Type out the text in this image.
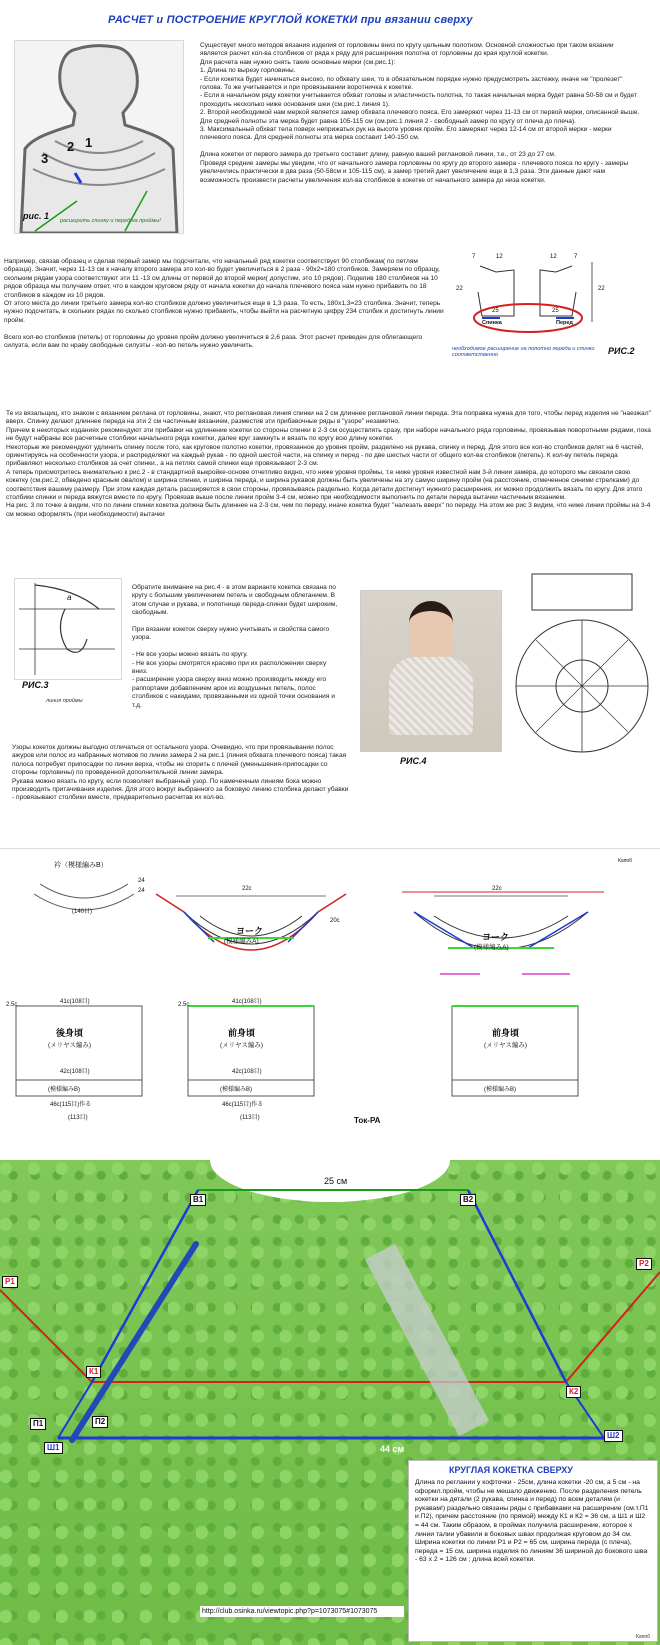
РАСЧЕТ и ПОСТРОЕНИЕ КРУГЛОЙ КОКЕТКИ при вязании сверху
1
2
3
рис. 1 расширить спинку и перед на проймы!
Существует много методов вязания изделия от горловины вниз по кругу цельным полотном. Основной сложностью при таком вязании является расчет кол-ва столбиков от ряда к ряду для расширения полотна от горловины до края круглой кокетки.
Для расчета нам нужно снять такие основные мерки (см.рис.1):
1. Длина по вырезу горловины.
- Если кокетка будет начинаться высоко, по обхвату шеи, то в обязательном порядке нужно предусмотреть застежку, иначе не "пролезет" голова. То же учитывается и при провязывании воротничка к кокетке.
- Если в начальном ряду кокетки учитывается обхват головы и эластичность полотна, то такая начальная мерка будет равна 50-58 см и будет проходить несколько ниже основания шеи (см.рис.1 линия 1).
2. Второй необходимой нам меркой является замер обхвата плечевого пояса. Его замеряют через 11-13 см от первой мерки, описанной выше. Для средней полноты эта мерка будет равна 105-115 см (см.рис.1 линия 2 - свободный замер по кругу от плеча до плеча).
3. Максимальный обхват тела поверх неприжатых рук на высоте уровня пройм. Его замеряют через 12-14 см от второй мерки - мерки плечевого пояса. Для средней полноты эта мерка составит 140-150 см.

Длина кокетки от первого замера до третьего составит длину, равную вашей реглановой линии, т.е., от 23 до 27 см.
Проведя средние замеры мы увидим, что от начального замера горловины по кругу до второго замера - плечевого пояса по кругу - замеры увеличились практически в два раза (50-58см и 105-115 см), а замер третий дает увеличение еще в 1,3 раза. Эти данные дают нам возможность произвести расчеты увеличения кол-ва столбиков в кокетке от начального замера до низа кокетки.
Например, связав образец и сделав первый замер мы подсчитали, что начальный ряд кокетки соответствует 90 столбикам( по петлям образца). Значит, через 11-13 см к началу второго замера это кол-во будет увеличиться в 2 раза - 90х2=180 столбиков. Замеряем по образцу, скольким рядам узора соответствуют эти 11 -13 см длины от первой до второй мерки( допустим, это 10 рядов). Поделив 180 столбиков на 10 рядов образца мы получаем ответ, что в каждом круговом ряду от начала кокетки до начала плечевого пояса нам нужно прибавить по 18 столбиков в каждом из 10 рядов.
От этого места до линии третьего замера кол-во столбиков должно увеличиться еще в 1,3 раза. То есть, 180х1,3=23 столбика. Значит, теперь нужно подсчитать, в скольких рядах по сколько столбиков нужно прибавить, чтобы выйти на расчетную цифру 234 столбик и достигнуть линии пройм.

Всего кол-во столбиков (петель) от горловины до уровня пройм должно увеличиться в 2,6 раза. Этот расчет приведен для облегающего силуэта, если вам по нраву свободные силуэты - кол-во петель нужно увеличить.
7	12
22
7
12
22
25	25
Спинка	Перед
РИС.2
необходимое расширение на полотно переда и спинки соответственно
Те из вязальщиц, кто знаком с вязанием реглана от горловины, знают, что реглановая линия спинки на 2 см длиннее реглановой линии переда. Эта поправка нужна для того, чтобы перед изделия не "наезжал" вверх. Спинку делают длиннее переда на эти 2 см частичным вязанием, разместив эти прибавочные ряды в "узоре" незаметно.
Причем в некоторых изданиях рекомендуют эти прибавки на удлинение кокетки со стороны спинки в 2-3 см осуществлять сразу, при наборе начального ряда горловины, провязывая поворотными рядами, пока не будут набраны все расчетные столбики начального ряда кокетки, далее круг замкнуть и вязать по кругу всю длину кокетки.
Некоторые же рекомендуют удлинить спинку после того, как круговое полотно кокетки, провязанное до уровня пройм, разделено на рукава, спинку и перед. Для этого все кол-во столбиков делят на 6 частей, ориентируясь на особенности узора, и распределяют на каждый рукав - по одной шестой части, на спинку и перед - по две шестых части от общего кол-ва столбиков (петель). К кол-ву петель переда прибавляют несколько столбиков за счет спинки., а на петлях самой спинки еще провязывают 2-3 см.
А теперь присмотритесь внимательно к рис.2 - в стандартной выкройке-основе отчетливо видно, что ниже уровня проймы, т.е ниже уровня известной нам 3-й линии замера, до которого мы связали свою кокетку (см.рис.2, обведено красным овалом) и ширина спинки, и ширина переда, и ширина рукавов должны быть увеличены на эту самую ширину пройм (на расстояние, отмеченное синими стрелками) до соответствия вашему размеру. При этом каждая деталь расширяется в свои стороны, провязываясь раздельно. Когда детали достигнут нужного расширения, их можно продолжить вязать по кругу. Для этого столбики спинки и переда вяжутся вместе по кругу. Провязав выше после линии пройм 3-4 см, можно при необходимости выполнить по детали переда вытачки частичным вязанием.
На рис. 3 по точке а видим, что по линии спинки кокетка должна быть длиннее на 2-3 см, чем по переду, иначе кокетка будет "налезать вверх" по переду. На этом же рис 3 видим, что ниже линии проймы на 3-4 см можно оформлять (при необходимости) вытачки
а
РИС.3
линия проймы
Обратите внимание на рис.4 - в этом варианте кокетка связана по кругу с большим увеличением петель и свободным облеганием. В этом случае и рукава, и полотнище переда-спинки будет широким, свободным.

При вязании кокеток сверху нужно учитывать и свойства самого узора.

- Не все узоры можно вязать по кругу.
- Не все узоры смотрятся красиво при их расположении сверху вниз.
- расширение узора сверху вниз можно производить между его раппортами добавлением арок из воздушных петель, полос столбиков с накидами, провязанными из одной точки основания и т.д.
РИС.4
Узоры кокеток должны выгодно отличаться от остального узора. Очевидно, что при провязывании полос ажуров или полос из набранных мотивов по линии замера 2 на рис.1 (линия обхвата плечевого пояса) такая полоса потребует припосадки по линии верха, чтобы не спорить с плечей (уменьшения-припосадки со стороны горловины) по проведенной дополнительной линии замера.
Рукава можно вязать по кругу, если позволяет выбранный узор. По намеченным линиям бока можно производить притачивания изделия. Для этого вокруг выбранного за боковую линию столбика делают убавки - провязывают столбики вместе, предварительно расчитав их кол-во.
衿（模様編みB）
後身頃	前身頃	前身頃
ヨーク
ヨーク
(メリヤス編み)	(メリヤス編み)	(メリヤス編み)
(模様編みA)
(模様編みA)
(模様編みB)	(模様編みB)	(模様編みB)
41c(108目)	41c(108目)
42c(108目)	42c(108目)
46c(115目)作る	46c(115目)作る
(113目)	(113目)
22c	22c
2.5c	2.5c
20c
24
24
(140目)
Капоб
Ток-РА
25 см
В1	В2
Р1
Р2
К1
К2
Ш1
Ш2
П1	П2
44 см
КРУГЛАЯ КОКЕТКА СВЕРХУ
Длина по реглании у кофточки - 25см, длина кокетки -20 см, а 5 см - на оформл.пройм, чтобы не мешало движению. После разделения петель кокетки на детали (2 рукава, спинка и перед) по всем деталям (и рукавам!) раздельно связаны ряды с прибавками на расширение (см.т.П1 и П2), причем расстояние (по прямой) между К1 и К2 = 36 см, а Ш1 и Ш2 = 44 см. Таким образом, в проймах получила расширение, которое к линии талии убавили в боковых швах продолжая круговом до 34 см. Ширина кокетки по линии Р1 и Р2 = 65 см, ширина переда (с плеча), переда = 15 см, ширина изделия по линиям 36 шириной до бокового шва - 63 х 2 = 126 см ; длина всей кокетки.
http://club.osinka.ru/viewtopic.php?p=1073075#1073075
Капоб
